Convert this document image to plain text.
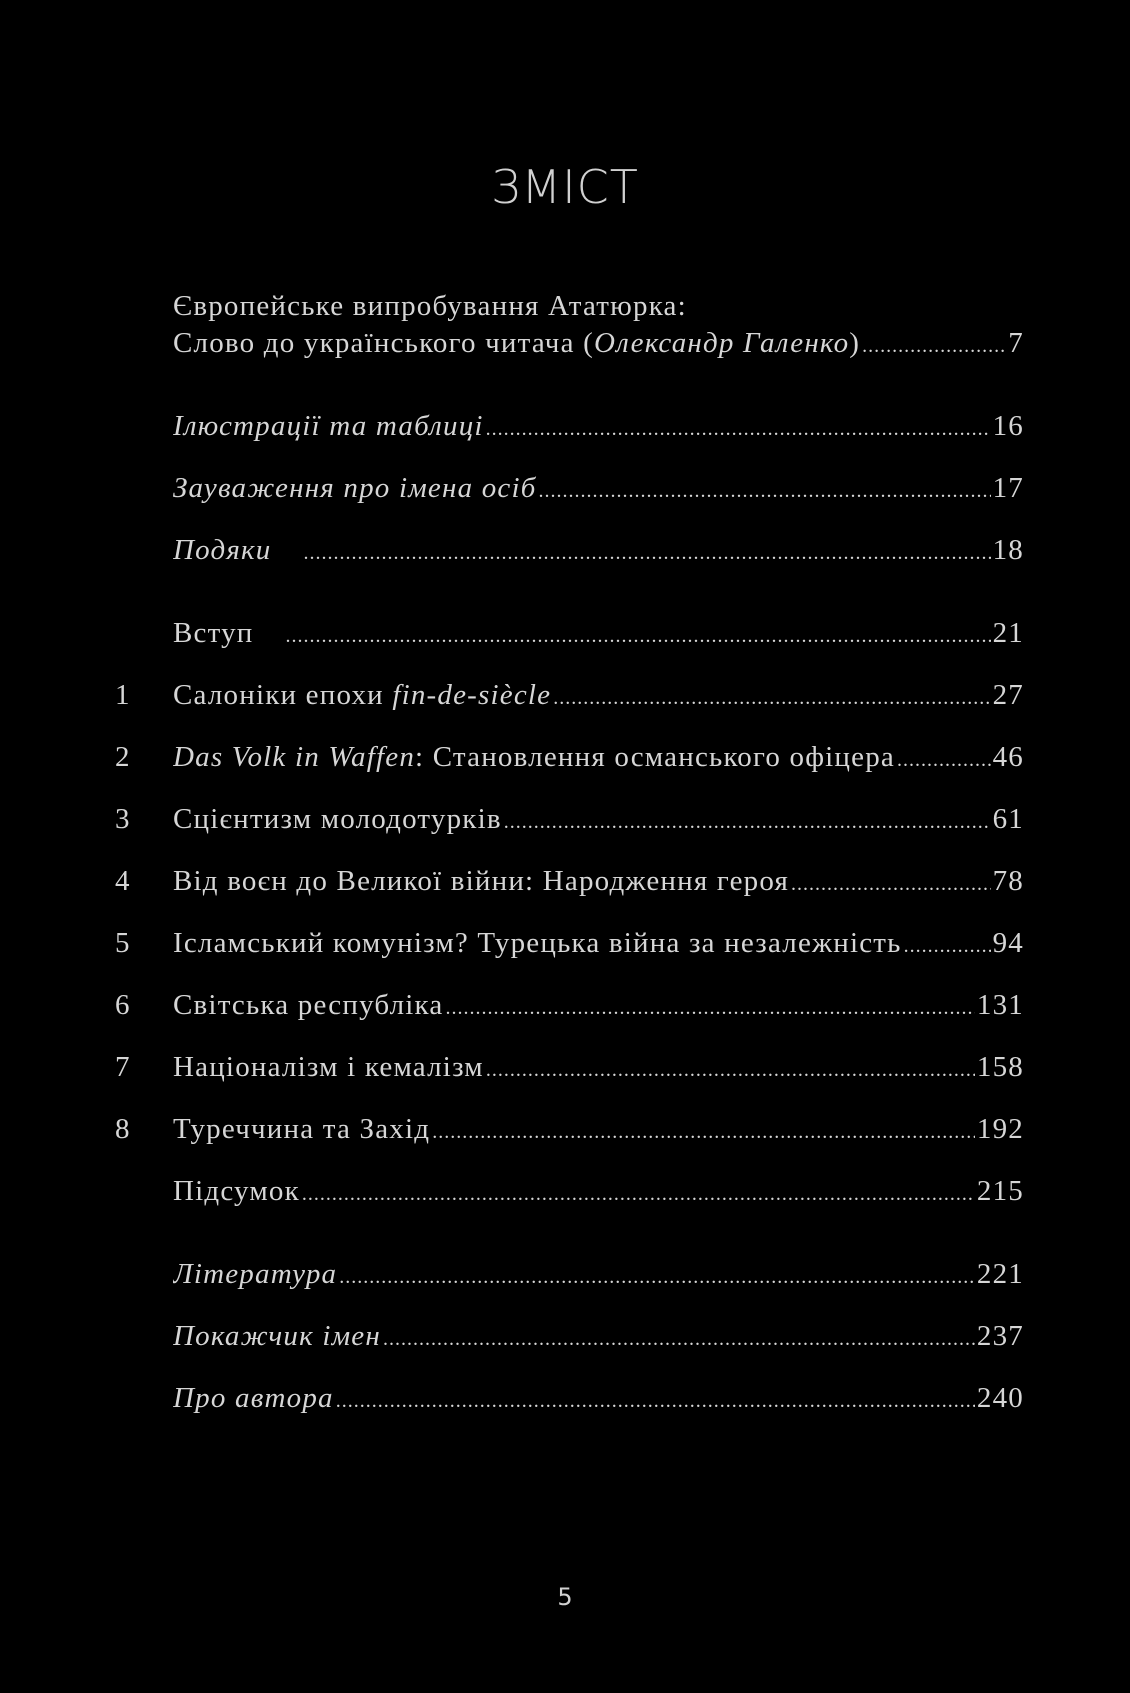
ЗМІСТ
Європейське випробування Ататюрка:
Слово до українського читача (Олександр Галенко) .....	7
Ілюстрації та таблиці .....	16
Зауваження про імена осіб .....	17
Подяки .....	18
Вступ .....	21
1	Салоніки епохи fin-de-siècle .....	27
2	Das Volk in Waffen: Становлення османського офіцера .....	46
3	Сцієнтизм молодотурків .....	61
4	Від воєн до Великої війни: Народження героя .....	78
5	Ісламський комунізм? Турецька війна за незалежність .....	94
6	Світська республіка .....	131
7	Націоналізм і кемалізм .....	158
8	Туреччина та Захід .....	192
Підсумок .....	215
Література .....	221
Покажчик імен .....	237
Про автора .....	240
5
